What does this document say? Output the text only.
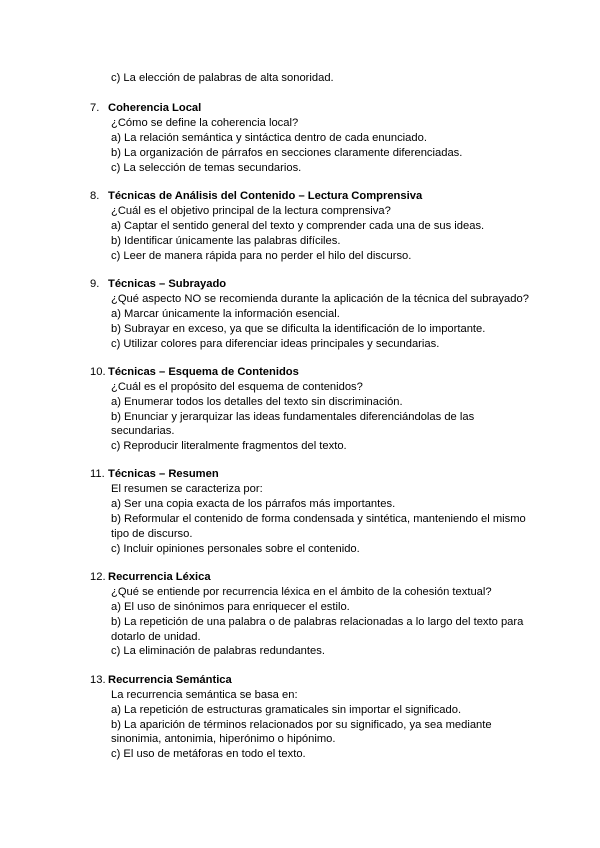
c) La elección de palabras de alta sonoridad.
7. Coherencia Local
¿Cómo se define la coherencia local?
a) La relación semántica y sintáctica dentro de cada enunciado.
b) La organización de párrafos en secciones claramente diferenciadas.
c) La selección de temas secundarios.
8. Técnicas de Análisis del Contenido – Lectura Comprensiva
¿Cuál es el objetivo principal de la lectura comprensiva?
a) Captar el sentido general del texto y comprender cada una de sus ideas.
b) Identificar únicamente las palabras difíciles.
c) Leer de manera rápida para no perder el hilo del discurso.
9. Técnicas – Subrayado
¿Qué aspecto NO se recomienda durante la aplicación de la técnica del subrayado?
a) Marcar únicamente la información esencial.
b) Subrayar en exceso, ya que se dificulta la identificación de lo importante.
c) Utilizar colores para diferenciar ideas principales y secundarias.
10. Técnicas – Esquema de Contenidos
¿Cuál es el propósito del esquema de contenidos?
a) Enumerar todos los detalles del texto sin discriminación.
b) Enunciar y jerarquizar las ideas fundamentales diferenciándolas de las
secundarias.
c) Reproducir literalmente fragmentos del texto.
11. Técnicas – Resumen
El resumen se caracteriza por:
a) Ser una copia exacta de los párrafos más importantes.
b) Reformular el contenido de forma condensada y sintética, manteniendo el mismo
tipo de discurso.
c) Incluir opiniones personales sobre el contenido.
12. Recurrencia Léxica
¿Qué se entiende por recurrencia léxica en el ámbito de la cohesión textual?
a) El uso de sinónimos para enriquecer el estilo.
b) La repetición de una palabra o de palabras relacionadas a lo largo del texto para
dotarlo de unidad.
c) La eliminación de palabras redundantes.
13. Recurrencia Semántica
La recurrencia semántica se basa en:
a) La repetición de estructuras gramaticales sin importar el significado.
b) La aparición de términos relacionados por su significado, ya sea mediante
sinonimia, antonimia, hiperónimo o hipónimo.
c) El uso de metáforas en todo el texto.
